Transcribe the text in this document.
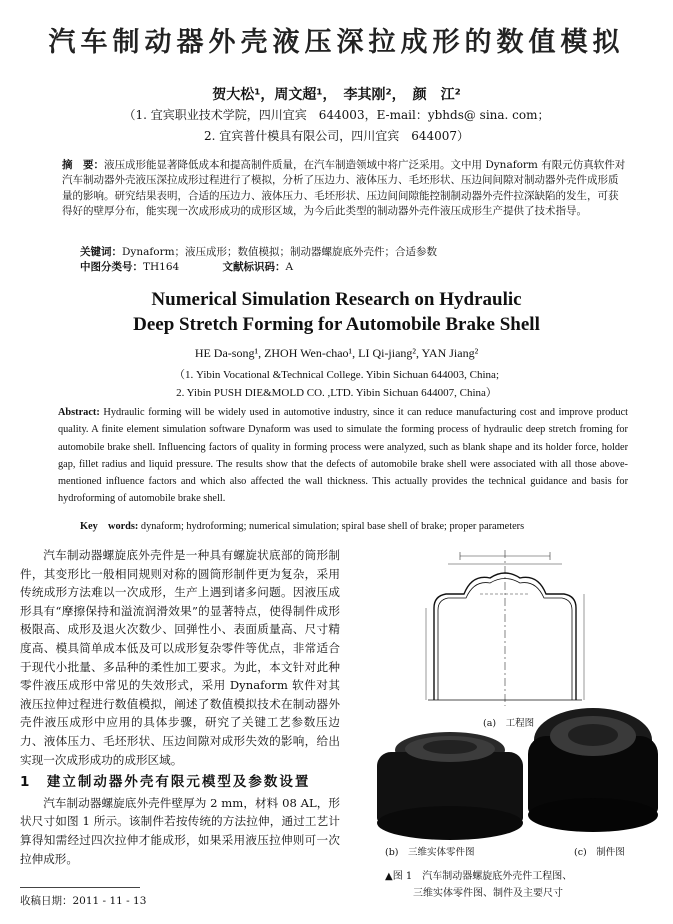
汽车制动器外壳液压深拉成形的数值模拟
贺大松¹，周文超¹，　李其刚²，　颜　江²
（1. 宜宾职业技术学院，四川宜宾　644003，E-mail：ybhds@ sina. com；
2. 宜宾普什模具有限公司，四川宜宾　644007）
摘　要：液压成形能显著降低成本和提高制件质量，在汽车制造领域中将广泛采用。文中用 Dynaform 有限元仿真软件对汽车制动器外壳液压深拉成形过程进行了模拟，分析了压边力、液体压力、毛坯形状、压边间间隙对制动器外壳件成形质量的影响。研究结果表明，合适的压边力、液体压力、毛坯形状、压边间间隙能控制制动器外壳件拉深缺陷的发生，可获得好的壁厚分布，能实现一次成形成功的成形区域，为今后此类型的制动器外壳件液压成形生产提供了技术指导。
关键词：Dynaform；液压成形；数值模拟；制动器螺旋底外壳件；合适参数
中图分类号：TH164	文献标识码：A
Numerical Simulation Research on Hydraulic
Deep Stretch Forming for Automobile Brake Shell
HE Da-song¹, ZHOH Wen-chao¹, LI Qi-jiang², YAN Jiang²
（1. Yibin Vocational &Technical College. Yibin Sichuan 644003, China;
2. Yibin PUSH DIE&MOLD CO. ,LTD. Yibin Sichuan 644007, China）
Abstract: Hydraulic forming will be widely used in automotive industry, since it can reduce manufacturing cost and improve product quality. A finite element simulation software Dynaform was used to simulate the forming process of hydraulic deep stretch froming for automobile brake shell. Influencing factors of quality in forming process were analyzed, such as blank shape and its holder force, holder gap, fillet radius and liquid pressure. The results show that the defects of automobile brake shell were associated with all those above-mentioned influence factors and which also affected the wall thickness. This actually provides the technical guidance and basis for hydroforming of automobile brake shell.
Key　words: dynaform; hydroforming; numerical simulation; spiral base shell of brake; proper parameters

汽车制动器螺旋底外壳件是一种具有螺旋状底部的筒形制件，其变形比一般相同规则对称的圆筒形制件更为复杂，采用传统成形方法难以一次成形，生产上遇到诸多问题。因液压成形具有“摩擦保持和溢流润滑效果”的显著特点，使得制件成形极限高、成形及退火次数少、回弹性小、表面质量高、尺寸精度高、模具简单成本低及可以成形复杂零件等优点，非常适合于现代小批量、多品种的柔性加工要求。为此，本文针对此种零件液压成形中常见的失效形式，采用 Dynaform 软件对其液压拉伸过程进行数值模拟，阐述了数值模拟技术在制动器外壳件液压成形中应用的具体步骤，研究了关键工艺参数压边力、液体压力、毛坯形状、压边间隙对成形失效的影响，给出实现一次成形成功的成形区域。

1　建立制动器外壳有限元模型及参数设置

汽车制动器螺旋底外壳件壁厚为 2 mm，材料 08 AL，形状尺寸如图 1 所示。该制件若按传统的方法拉伸，通过工艺计算得知需经过四次拉伸才能成形，如果采用液压拉伸则可一次拉伸成形。

收稿日期：2011 - 11 - 13
(a)　工程图
(b)　三维实体零件图	(c)　制件图
▲图 1　汽车制动器螺旋底外壳件工程图、
三维实体零件图、制件及主要尺寸
